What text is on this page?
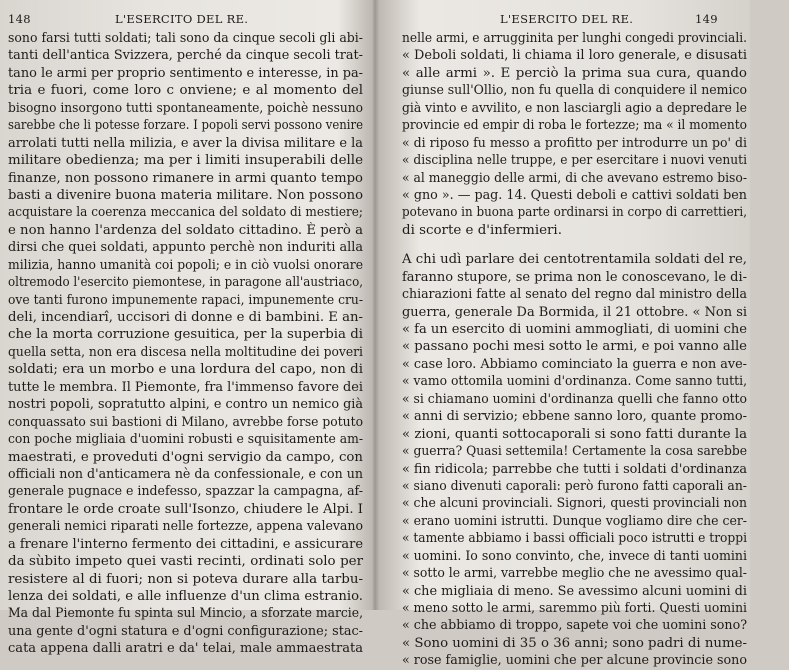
148	L'ESERCITO DEL RE.
sono farsi tutti soldati; tali sono da cinque secoli gli abi-
tanti dell'antica Svizzera, perché da cinque secoli trat-
tano le armi per proprio sentimento e interesse, in pa-
tria e fuori, come loro c onviene; e al momento del
bisogno insorgono tutti spontaneamente, poichè nessuno
sarebbe che li potesse forzare. I popoli servi possono venire
arrolati tutti nella milizia, e aver la divisa militare e la
militare obedienza; ma per i limiti insuperabili delle
finanze, non possono rimanere in armi quanto tempo
basti a divenire buona materia militare. Non possono
acquistare la coerenza meccanica del soldato di mestiere;
e non hanno l'ardenza del soldato cittadino. È però a
dirsi che quei soldati, appunto perchè non induriti alla
milizia, hanno umanità coi popoli; e in ciò vuolsi onorare
oltremodo l'esercito piemontese, in paragone all'austriaco,
ove tanti furono impunemente rapaci, impunemente cru-
deli, incendiarî, uccisori di donne e di bambini. E an-
che la morta corruzione gesuitica, per la superbia di
quella setta, non era discesa nella moltitudine dei poveri
soldati; era un morbo e una lordura del capo, non di
tutte le membra. Il Piemonte, fra l'immenso favore dei
nostri popoli, sopratutto alpini, e contro un nemico già
conquassato sui bastioni di Milano, avrebbe forse potuto
con poche migliaia d'uomini robusti e squisitamente am-
maestrati, e proveduti d'ogni servigio da campo, con
officiali non d'anticamera nè da confessionale, e con un
generale pugnace e indefesso, spazzar la campagna, af-
frontare le orde croate sull'Isonzo, chiudere le Alpi. I
generali nemici riparati nelle fortezze, appena valevano
a frenare l'interno fermento dei cittadini, e assicurare
da sùbito impeto quei vasti recinti, ordinati solo per
resistere al di fuori; non si poteva durare alla tarbu-
lenza dei soldati, e alle influenze d'un clima estranio.
Ma dal Piemonte fu spinta sul Mincio, a sforzate marcie,
una gente d'ogni statura e d'ogni configurazione; stac-
cata appena dalli aratri e da' telai, male ammaestrata
L'ESERCITO DEL RE.	149
nelle armi, e arrugginita per lunghi congedi provinciali.
« Deboli soldati, li chiama il loro generale, e disusati
« alle armi ». E perciò la prima sua cura, quando
giunse sull'Ollio, non fu quella di conquidere il nemico
già vinto e avvilito, e non lasciargli agio a depredare le
provincie ed empir di roba le fortezze; ma « il momento
« di riposo fu messo a profitto per introdurre un po' di
« disciplina nelle truppe, e per esercitare i nuovi venuti
« al maneggio delle armi, di che avevano estremo biso-
« gno ». — pag. 14. Questi deboli e cattivi soldati ben
potevano in buona parte ordinarsi in corpo di carrettieri,
di scorte e d'infermieri.
A chi udì parlare dei centotrentamila soldati del re,
faranno stupore, se prima non le conoscevano, le di-
chiarazioni fatte al senato del regno dal ministro della
guerra, generale Da Bormida, il 21 ottobre. « Non si
« fa un esercito di uomini ammogliati, di uomini che
« passano pochi mesi sotto le armi, e poi vanno alle
« case loro. Abbiamo cominciato la guerra e non ave-
« vamo ottomila uomini d'ordinanza. Come sanno tutti,
« si chiamano uomini d'ordinanza quelli che fanno otto
« anni di servizio; ebbene sanno loro, quante promo-
« zioni, quanti sottocaporali si sono fatti durante la
« guerra? Quasi settemila! Certamente la cosa sarebbe
« fin ridicola; parrebbe che tutti i soldati d'ordinanza
« siano divenuti caporali: però furono fatti caporali an-
« che alcuni provinciali. Signori, questi provinciali non
« erano uomini istrutti. Dunque vogliamo dire che cer-
« tamente abbiamo i bassi officiali poco istrutti e troppi
« uomini. Io sono convinto, che, invece di tanti uomini
« sotto le armi, varrebbe meglio che ne avessimo qual-
« che migliaia di meno. Se avessimo alcuni uomini di
« meno sotto le armi, saremmo più forti. Questi uomini
« che abbiamo di troppo, sapete voi che uomini sono?
« Sono uomini di 35 o 36 anni; sono padri di nume-
« rose famiglie, uomini che per alcune provincie sono
